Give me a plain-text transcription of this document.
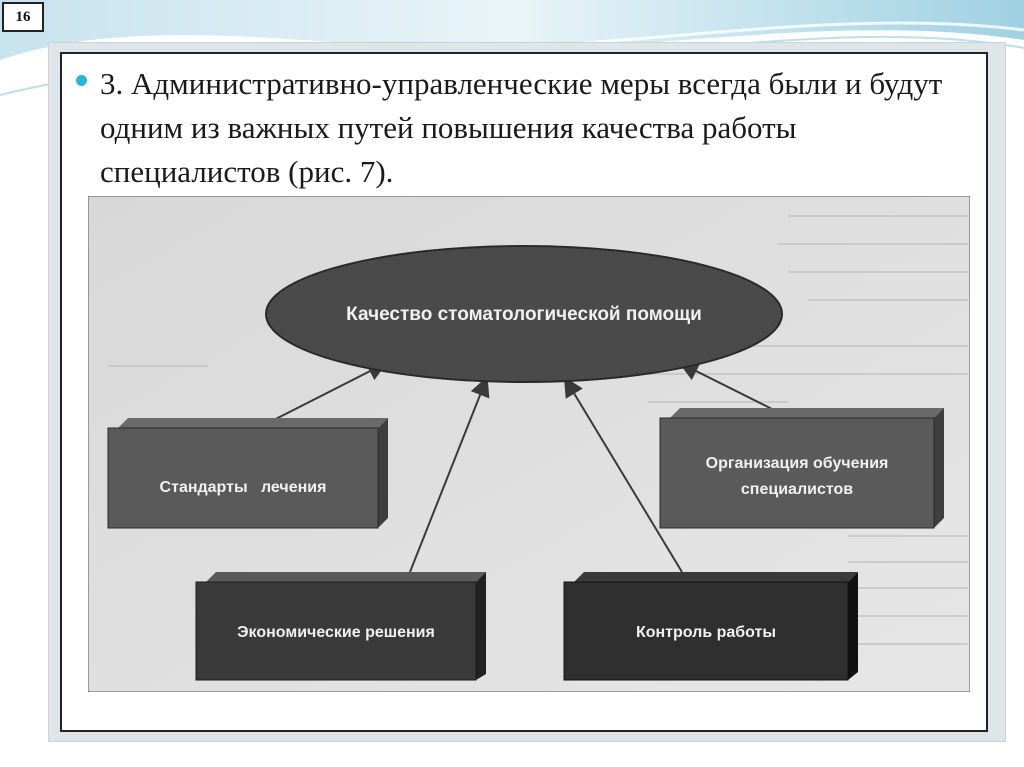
16
3. Административно-управленческие меры всегда были и будут одним из важных путей повышения качества работы специалистов (рис. 7).
Качество стоматологической помощи
Стандарты   лечения
Организация обучения
специалистов
Экономические решения	Контроль работы
